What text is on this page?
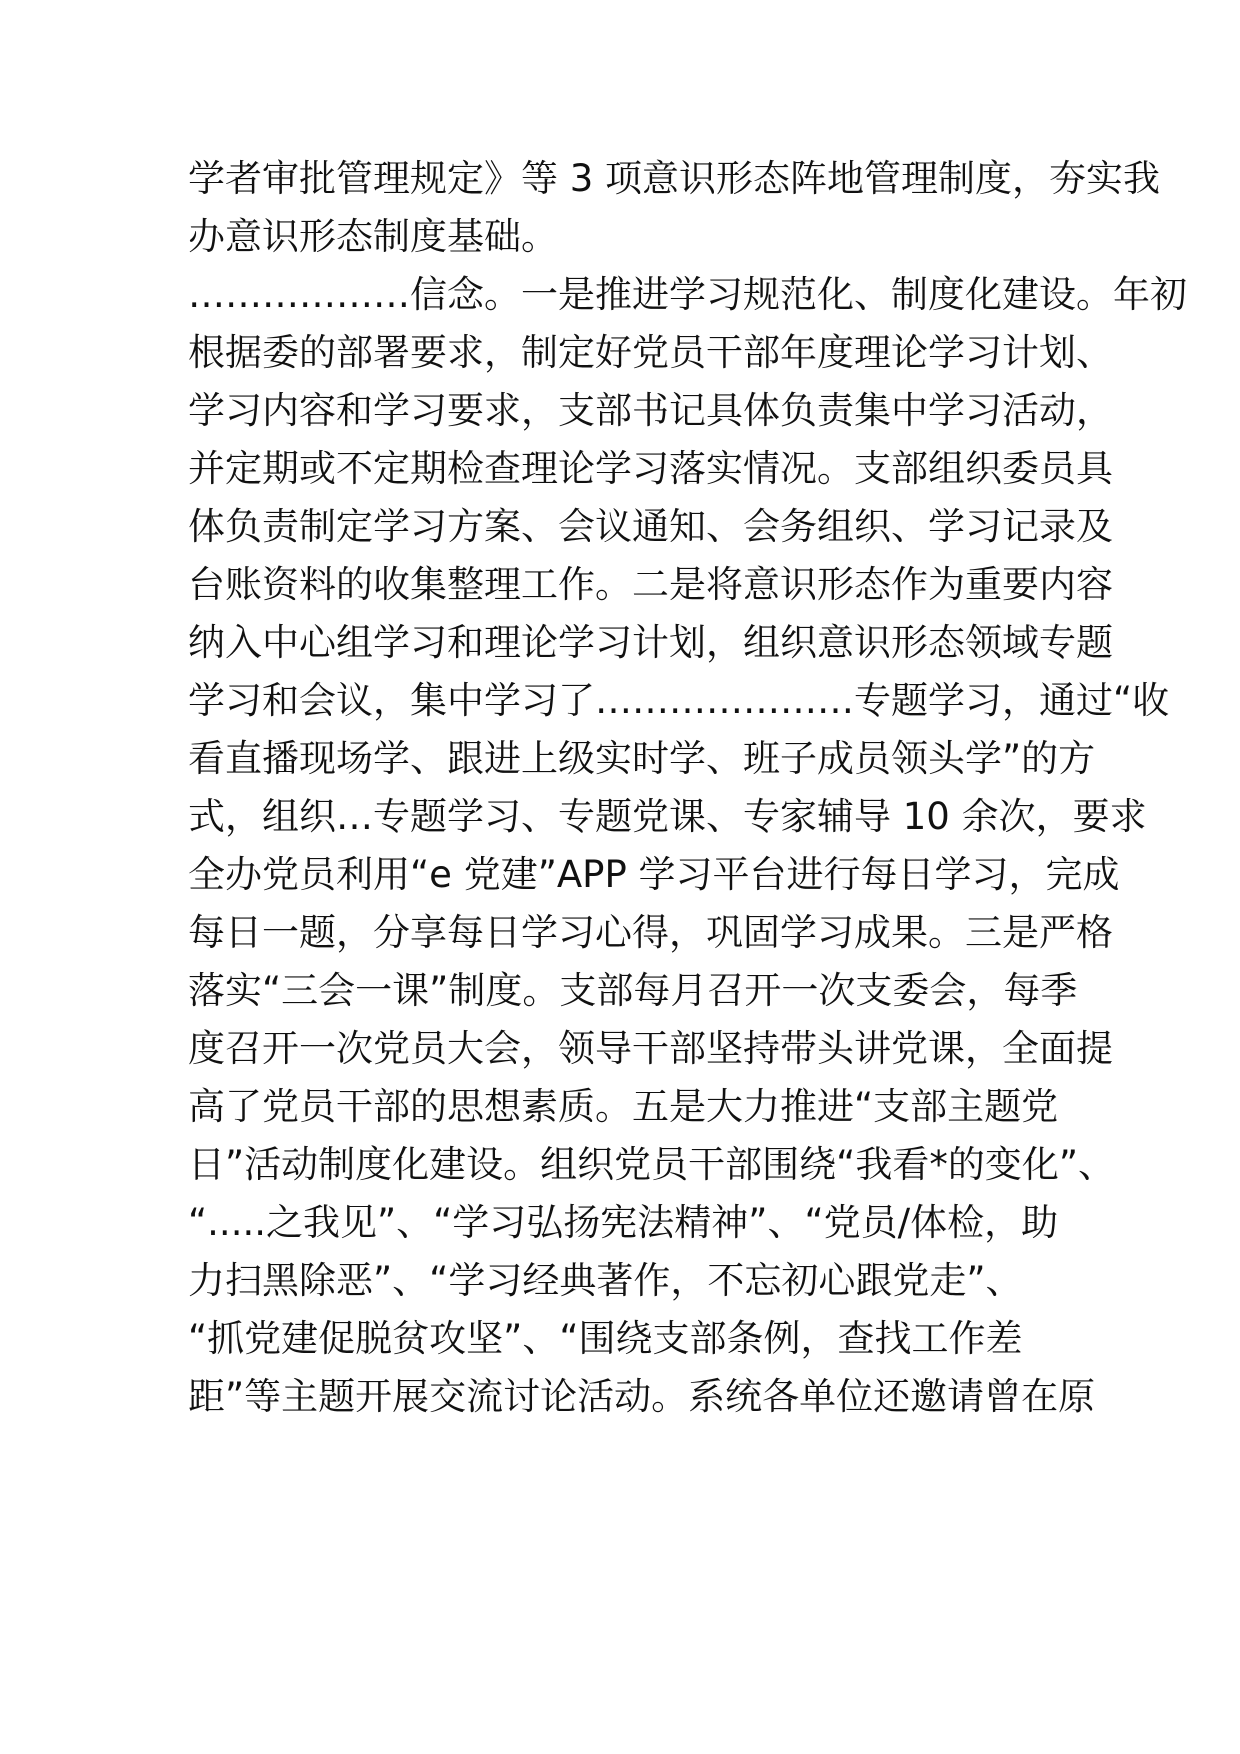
学者审批管理规定》等 3 项意识形态阵地管理制度，夯实我
办意识形态制度基础。
………………信念。一是推进学习规范化、制度化建设。年初
根据委的部署要求，制定好党员干部年度理论学习计划、
学习内容和学习要求，支部书记具体负责集中学习活动，
并定期或不定期检查理论学习落实情况。支部组织委员具
体负责制定学习方案、会议通知、会务组织、学习记录及
台账资料的收集整理工作。二是将意识形态作为重要内容
纳入中心组学习和理论学习计划，组织意识形态领域专题
学习和会议，集中学习了…………………专题学习，通过“收
看直播现场学、跟进上级实时学、班子成员领头学”的方
式，组织…专题学习、专题党课、专家辅导 10 余次，要求
全办党员利用“e 党建”APP 学习平台进行每日学习，完成
每日一题，分享每日学习心得，巩固学习成果。三是严格
落实“三会一课”制度。支部每月召开一次支委会，每季
度召开一次党员大会，领导干部坚持带头讲党课，全面提
高了党员干部的思想素质。五是大力推进“支部主题党
日”活动制度化建设。组织党员干部围绕“我看*的变化”、
“.....之我见”、“学习弘扬宪法精神”、“党员/体检，助
力扫黑除恶”、“学习经典著作，不忘初心跟党走”、
“抓党建促脱贫攻坚”、“围绕支部条例，查找工作差
距”等主题开展交流讨论活动。系统各单位还邀请曾在原
